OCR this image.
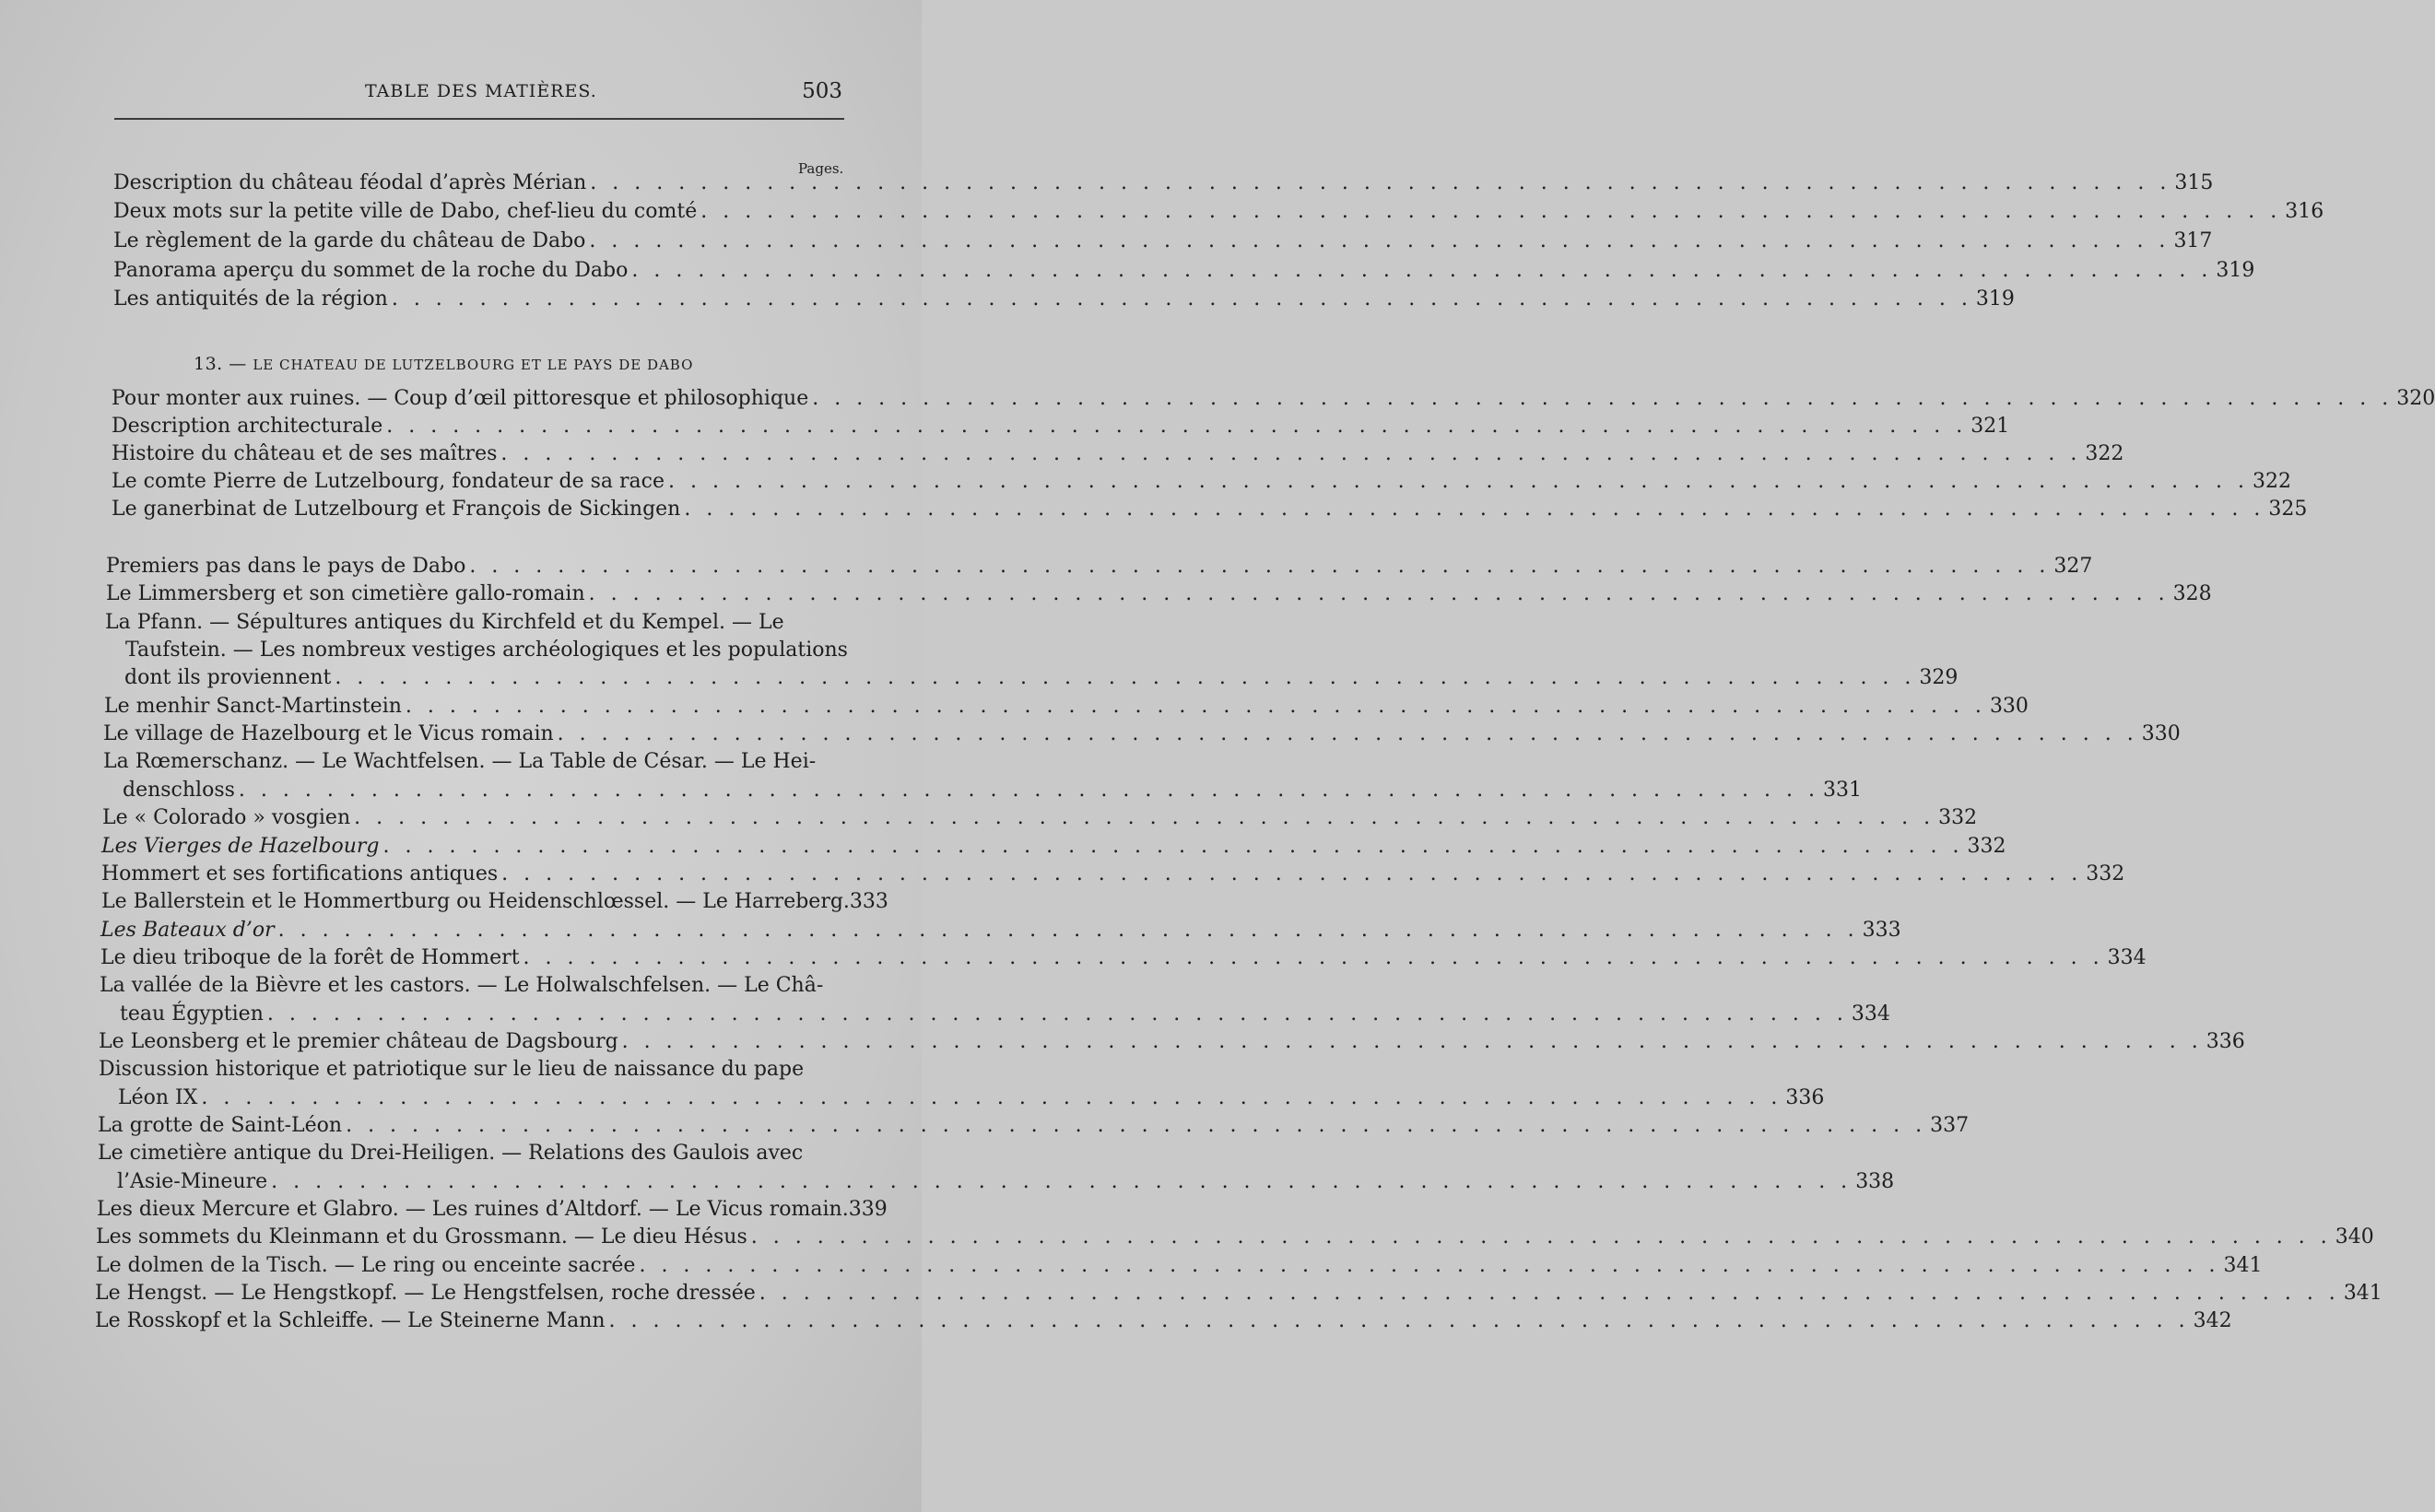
TABLE DES MATIÈRES.	503
Pages.
13. — LE CHATEAU DE LUTZELBOURG ET LE PAYS DE DABO
Description du château féodal d’après Mérian . . .	315
Deux mots sur la petite ville de Dabo, chef-lieu du comté . . .	316
Le règlement de la garde du château de Dabo . . .	317
Panorama aperçu du sommet de la roche du Dabo . . .	319
Les antiquités de la région . . .	319
Pour monter aux ruines. — Coup d’œil pittoresque et philosophique . . .	320
Description architecturale . . .	321
Histoire du château et de ses maîtres . . .	322
Le comte Pierre de Lutzelbourg, fondateur de sa race . . .	322
Le ganerbinat de Lutzelbourg et François de Sickingen . . .	325
Premiers pas dans le pays de Dabo . . .	327
Le Limmersberg et son cimetière gallo-romain . . .	328
La Pfann. — Sépultures antiques du Kirchfeld et du Kempel. — Le
Taufstein. — Les nombreux vestiges archéologiques et les populations
dont ils proviennent . . .	329
Le menhir Sanct-Martinstein . . .	330
Le village de Hazelbourg et le Vicus romain . . .	330
La Rœmerschanz. — Le Wachtfelsen. — La Table de César. — Le Hei-
denschloss . . .	331
Le « Colorado » vosgien . . .	332
Les Vierges de Hazelbourg . . .	332
Hommert et ses fortifications antiques . . .	332
Le Ballerstein et le Hommertburg ou Heidenschlœssel. — Le Harreberg. 333
Les Bateaux d’or . . .	333
Le dieu triboque de la forêt de Hommert . . .	334
La vallée de la Bièvre et les castors. — Le Holwalschfelsen. — Le Châ-
teau Égyptien . . .	334
Le Leonsberg et le premier château de Dagsbourg . . .	336
Discussion historique et patriotique sur le lieu de naissance du pape
Léon IX . . .	336
La grotte de Saint-Léon . . .	337
Le cimetière antique du Drei-Heiligen. — Relations des Gaulois avec
l’Asie-Mineure . . .	338
Les dieux Mercure et Glabro. — Les ruines d’Altdorf. — Le Vicus romain. 339
Les sommets du Kleinmann et du Grossmann. — Le dieu Hésus . . .	340
Le dolmen de la Tisch. — Le ring ou enceinte sacrée . . .	341
Le Hengst. — Le Hengstkopf. — Le Hengstfelsen, roche dressée . . .	341
Le Rosskopf et la Schleiffe. — Le Steinerne Mann . . .	342
